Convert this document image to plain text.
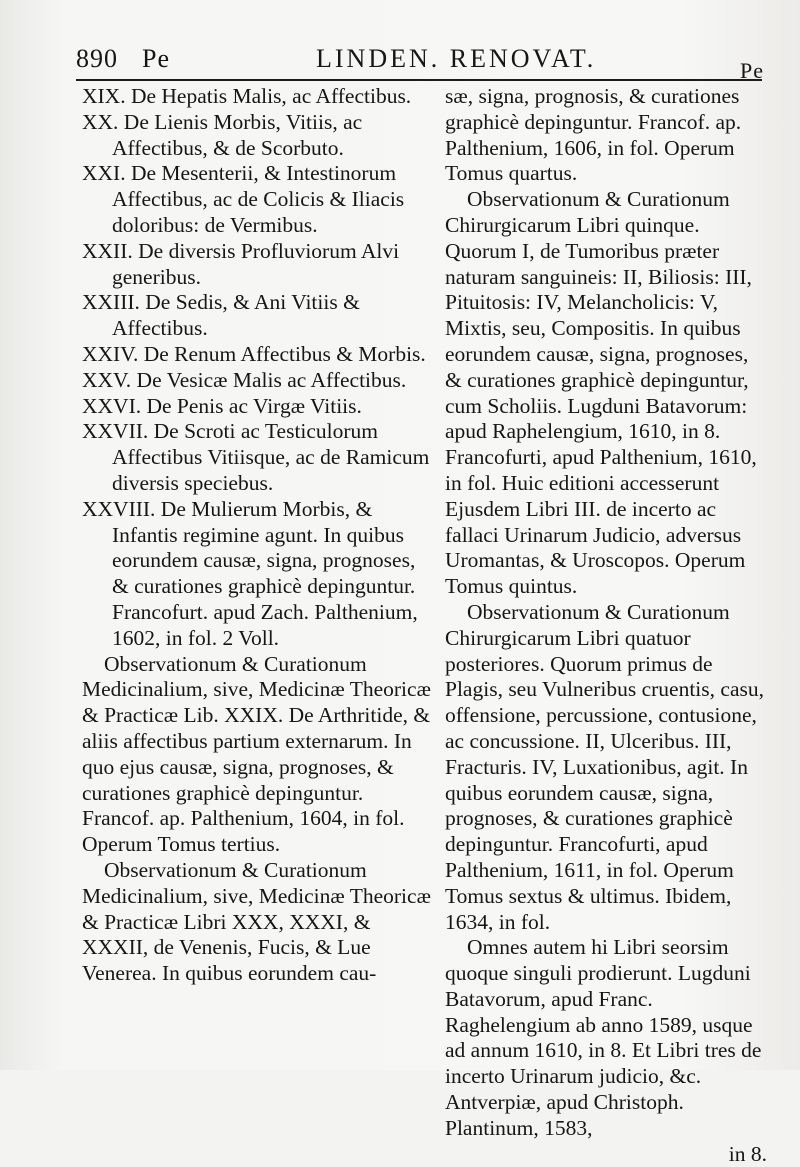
890 Pe	LINDEN. RENOVAT.	Pe
XIX. De Hepatis Malis, ac Affectibus.
XX. De Lienis Morbis, Vitiis, ac Affectibus, & de Scorbuto.
XXI. De Mesenterii, & Intestinorum Affectibus, ac de Colicis & Iliacis doloribus: de Vermibus.
XXII. De diversis Profluviorum Alvi generibus.
XXIII. De Sedis, & Ani Vitiis & Affectibus.
XXIV. De Renum Affectibus & Morbis.
XXV. De Vesicæ Malis ac Affectibus.
XXVI. De Penis ac Virgæ Vitiis.
XXVII. De Scroti ac Testiculorum Affectibus Vitiisque, ac de Ramicum diversis speciebus.
XXVIII. De Mulierum Morbis, & Infantis regimine agunt. In quibus eorundem causæ, signa, prognoses, & curationes graphicè depinguntur. Francofurt. apud Zach. Palthenium, 1602, in fol. 2 Voll.
Observationum & Curationum Medicinalium, sive, Medicinæ Theoricæ & Practicæ Lib. XXIX. De Arthritide, & aliis affectibus partium externarum. In quo ejus causæ, signa, prognoses, & curationes graphicè depinguntur. Francof. ap. Palthenium, 1604, in fol. Operum Tomus tertius.
Observationum & Curationum Medicinalium, sive, Medicinæ Theoricæ & Practicæ Libri XXX, XXXI, & XXXII, de Venenis, Fucis, & Lue Venerea. In quibus eorundem cau-
sæ, signa, prognosis, & curationes graphicè depinguntur. Francof. ap. Palthenium, 1606, in fol. Operum Tomus quartus.
Observationum & Curationum Chirurgicarum Libri quinque. Quorum I, de Tumoribus præter naturam sanguineis: II, Biliosis: III, Pituitosis: IV, Melancholicis: V, Mixtis, seu, Compositis. In quibus eorundem causæ, signa, prognoses, & curationes graphicè depinguntur, cum Scholiis. Lugduni Batavorum: apud Raphelengium, 1610, in 8. Francofurti, apud Palthenium, 1610, in fol. Huic editioni accesserunt Ejusdem Libri III. de incerto ac fallaci Urinarum Judicio, adversus Uromantas, & Uroscopos. Operum Tomus quintus.
Observationum & Curationum Chirurgicarum Libri quatuor posteriores. Quorum primus de Plagis, seu Vulneribus cruentis, casu, offensione, percussione, contusione, ac concussione. II, Ulceribus. III, Fracturis. IV, Luxationibus, agit. In quibus eorundem causæ, signa, prognoses, & curationes graphicè depinguntur. Francofurti, apud Palthenium, 1611, in fol. Operum Tomus sextus & ultimus. Ibidem, 1634, in fol.
Omnes autem hi Libri seorsim quoque singuli prodierunt. Lugduni Batavorum, apud Franc. Raghelengium ab anno 1589, usque ad annum 1610, in 8. Et Libri tres de incerto Urinarum judicio, &c. Antverpiæ, apud Christoph. Plantinum, 1583,
in 8.
